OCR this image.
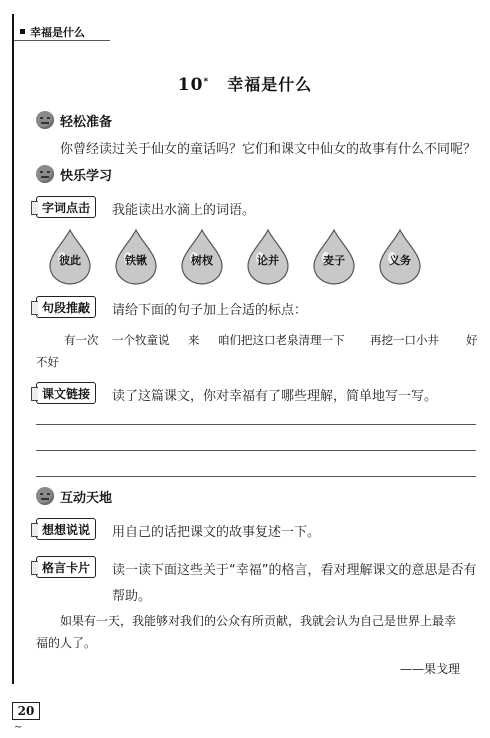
幸福是什么
10* 幸福是什么
轻松准备
你曾经读过关于仙女的童话吗？它们和课文中仙女的故事有什么不同呢？
快乐学习
字词点击	我能读出水滴上的词语。
彼此	铁锹	树杈	论并	麦子	义务
句段推敲	请给下面的句子加上合适的标点：
有一次 一个牧童说 来 咱们把这口老泉清理一下 再挖一口小井 好
不好
课文链接	读了这篇课文，你对幸福有了哪些理解，简单地写一写。
互动天地
想想说说	用自己的话把课文的故事复述一下。
格言卡片	读一读下面这些关于“幸福”的格言，看对理解课文的意思是否有
帮助。
如果有一天，我能够对我们的公众有所贡献，我就会认为自己是世界上最幸
福的人了。
——果戈理
20
~
